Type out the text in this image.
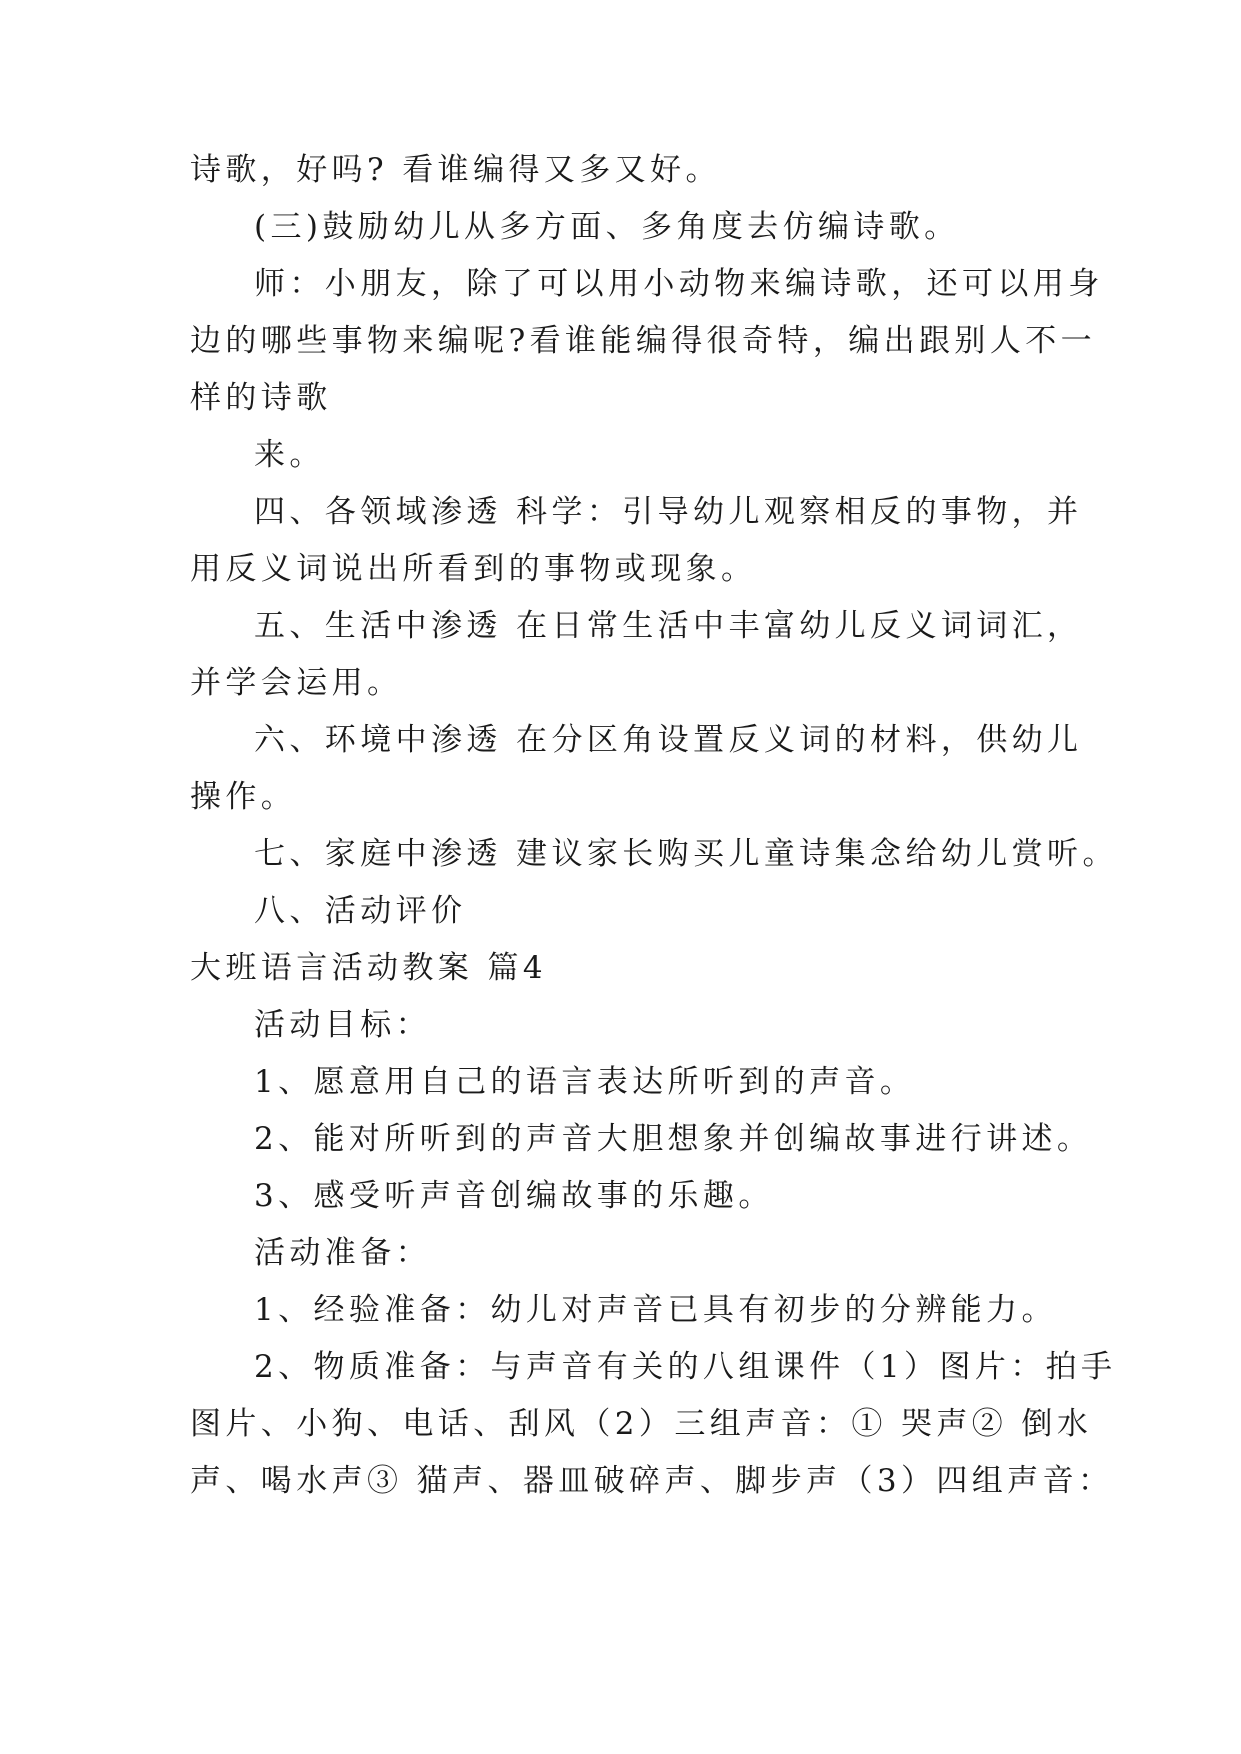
诗歌，好吗? 看谁编得又多又好。
(三)鼓励幼儿从多方面、多角度去仿编诗歌。
师：小朋友，除了可以用小动物来编诗歌，还可以用身
边的哪些事物来编呢?看谁能编得很奇特，编出跟别人不一
样的诗歌
来。
四、各领域渗透 科学：引导幼儿观察相反的事物，并
用反义词说出所看到的事物或现象。
五、生活中渗透 在日常生活中丰富幼儿反义词词汇，
并学会运用。
六、环境中渗透 在分区角设置反义词的材料，供幼儿
操作。
七、家庭中渗透 建议家长购买儿童诗集念给幼儿赏听。
八、活动评价
大班语言活动教案 篇4
活动目标：
1、愿意用自己的语言表达所听到的声音。
2、能对所听到的声音大胆想象并创编故事进行讲述。
3、感受听声音创编故事的乐趣。
活动准备：
1、经验准备：幼儿对声音已具有初步的分辨能力。
2、物质准备：与声音有关的八组课件（1）图片：拍手
图片、小狗、电话、刮风（2）三组声音：① 哭声② 倒水
声、喝水声③ 猫声、器皿破碎声、脚步声（3）四组声音：
